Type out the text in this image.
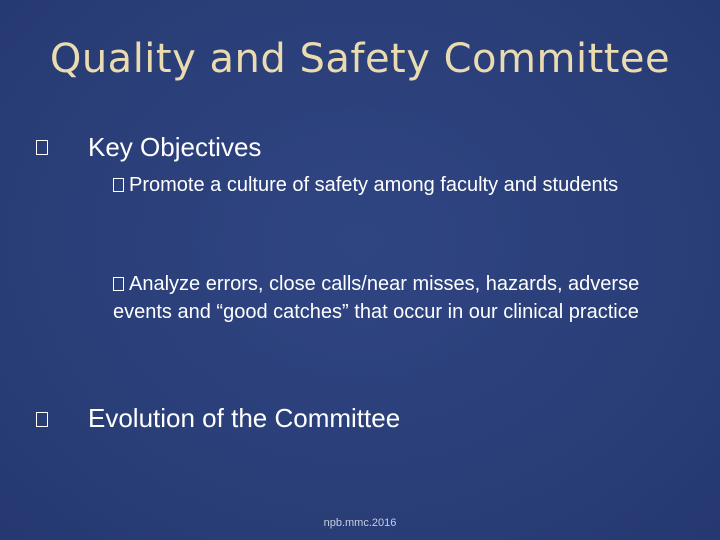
Quality and Safety Committee
Key Objectives
Promote a culture of safety among faculty and students
Analyze errors, close calls/near misses, hazards, adverse events and “good catches” that occur in our clinical practice
Evolution of the Committee
npb.mmc.2016
